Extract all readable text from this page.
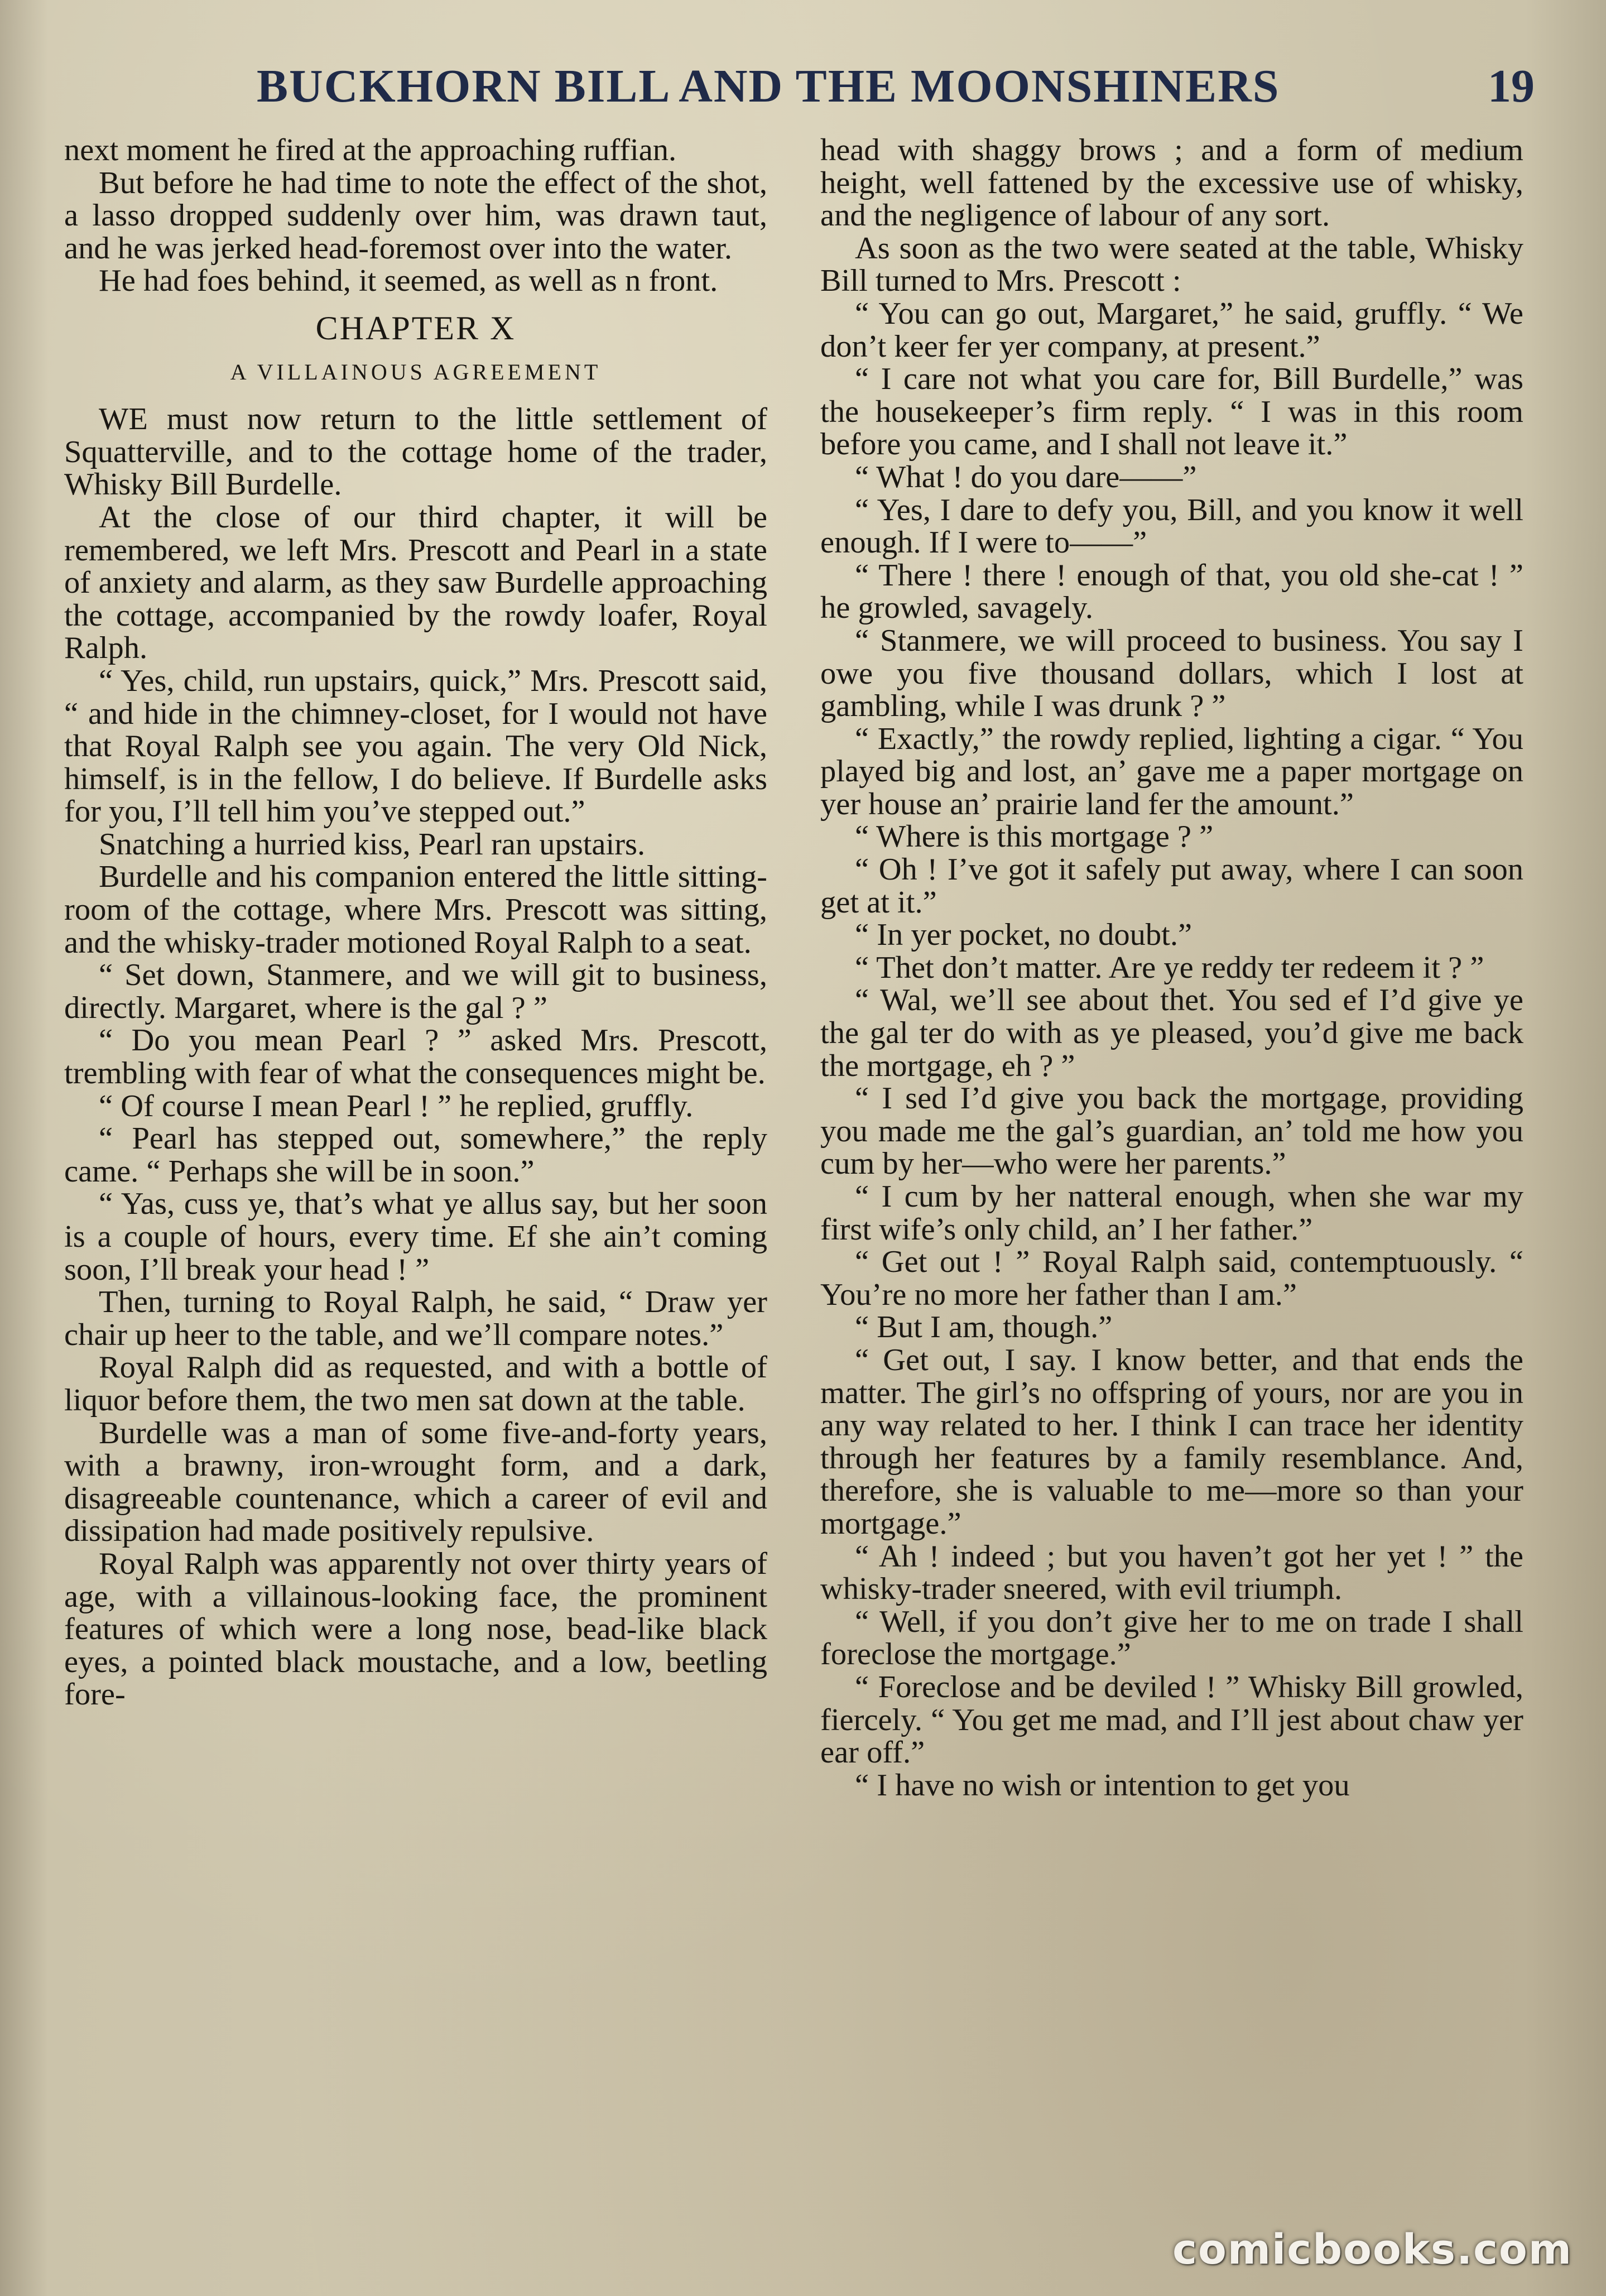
BUCKHORN BILL AND THE MOONSHINERS	19

next moment he fired at the approaching ruffian.

But before he had time to note the effect of the shot, a lasso dropped suddenly over him, was drawn taut, and he was jerked head-foremost over into the water.

He had foes behind, it seemed, as well as n front.

CHAPTER X
A VILLAINOUS AGREEMENT

WE must now return to the little settlement of Squatterville, and to the cottage home of the trader, Whisky Bill Burdelle.

At the close of our third chapter, it will be remembered, we left Mrs. Prescott and Pearl in a state of anxiety and alarm, as they saw Burdelle approaching the cottage, accompanied by the rowdy loafer, Royal Ralph.

“ Yes, child, run upstairs, quick,” Mrs. Prescott said, “ and hide in the chimney-closet, for I would not have that Royal Ralph see you again. The very Old Nick, himself, is in the fellow, I do believe. If Burdelle asks for you, I’ll tell him you’ve stepped out.”

Snatching a hurried kiss, Pearl ran upstairs.

Burdelle and his companion entered the little sitting-room of the cottage, where Mrs. Prescott was sitting, and the whisky-trader motioned Royal Ralph to a seat.

“ Set down, Stanmere, and we will git to business, directly. Margaret, where is the gal ? ”

“ Do you mean Pearl ? ” asked Mrs. Prescott, trembling with fear of what the consequences might be.

“ Of course I mean Pearl ! ” he replied, gruffly.

“ Pearl has stepped out, somewhere,” the reply came. “ Perhaps she will be in soon.”

“ Yas, cuss ye, that’s what ye allus say, but her soon is a couple of hours, every time. Ef she ain’t coming soon, I’ll break your head ! ”

Then, turning to Royal Ralph, he said, “ Draw yer chair up heer to the table, and we’ll compare notes.”

Royal Ralph did as requested, and with a bottle of liquor before them, the two men sat down at the table.

Burdelle was a man of some five-and-forty years, with a brawny, iron-wrought form, and a dark, disagreeable countenance, which a career of evil and dissipation had made positively repulsive.

Royal Ralph was apparently not over thirty years of age, with a villainous-looking face, the prominent features of which were a long nose, bead-like black eyes, a pointed black moustache, and a low, beetling fore-

head with shaggy brows ; and a form of medium height, well fattened by the excessive use of whisky, and the negligence of labour of any sort.

As soon as the two were seated at the table, Whisky Bill turned to Mrs. Prescott :

“ You can go out, Margaret,” he said, gruffly. “ We don’t keer fer yer company, at present.”

“ I care not what you care for, Bill Burdelle,” was the housekeeper’s firm reply. “ I was in this room before you came, and I shall not leave it.”

“ What ! do you dare——”

“ Yes, I dare to defy you, Bill, and you know it well enough. If I were to——”

“ There ! there ! enough of that, you old she-cat ! ” he growled, savagely.

“ Stanmere, we will proceed to business. You say I owe you five thousand dollars, which I lost at gambling, while I was drunk ? ”

“ Exactly,” the rowdy replied, lighting a cigar. “ You played big and lost, an’ gave me a paper mortgage on yer house an’ prairie land fer the amount.”

“ Where is this mortgage ? ”

“ Oh ! I’ve got it safely put away, where I can soon get at it.”

“ In yer pocket, no doubt.”

“ Thet don’t matter. Are ye reddy ter redeem it ? ”

“ Wal, we’ll see about thet. You sed ef I’d give ye the gal ter do with as ye pleased, you’d give me back the mortgage, eh ? ”

“ I sed I’d give you back the mortgage, providing you made me the gal’s guardian, an’ told me how you cum by her—who were her parents.”

“ I cum by her natteral enough, when she war my first wife’s only child, an’ I her father.”

“ Get out ! ” Royal Ralph said, contemptuously. “ You’re no more her father than I am.”

“ But I am, though.”

“ Get out, I say. I know better, and that ends the matter. The girl’s no offspring of yours, nor are you in any way related to her. I think I can trace her identity through her features by a family resemblance. And, therefore, she is valuable to me—more so than your mortgage.”

“ Ah ! indeed ; but you haven’t got her yet ! ” the whisky-trader sneered, with evil triumph.

“ Well, if you don’t give her to me on trade I shall foreclose the mortgage.”

“ Foreclose and be deviled ! ” Whisky Bill growled, fiercely. “ You get me mad, and I’ll jest about chaw yer ear off.”

“ I have no wish or intention to get you

comicbooks.com
